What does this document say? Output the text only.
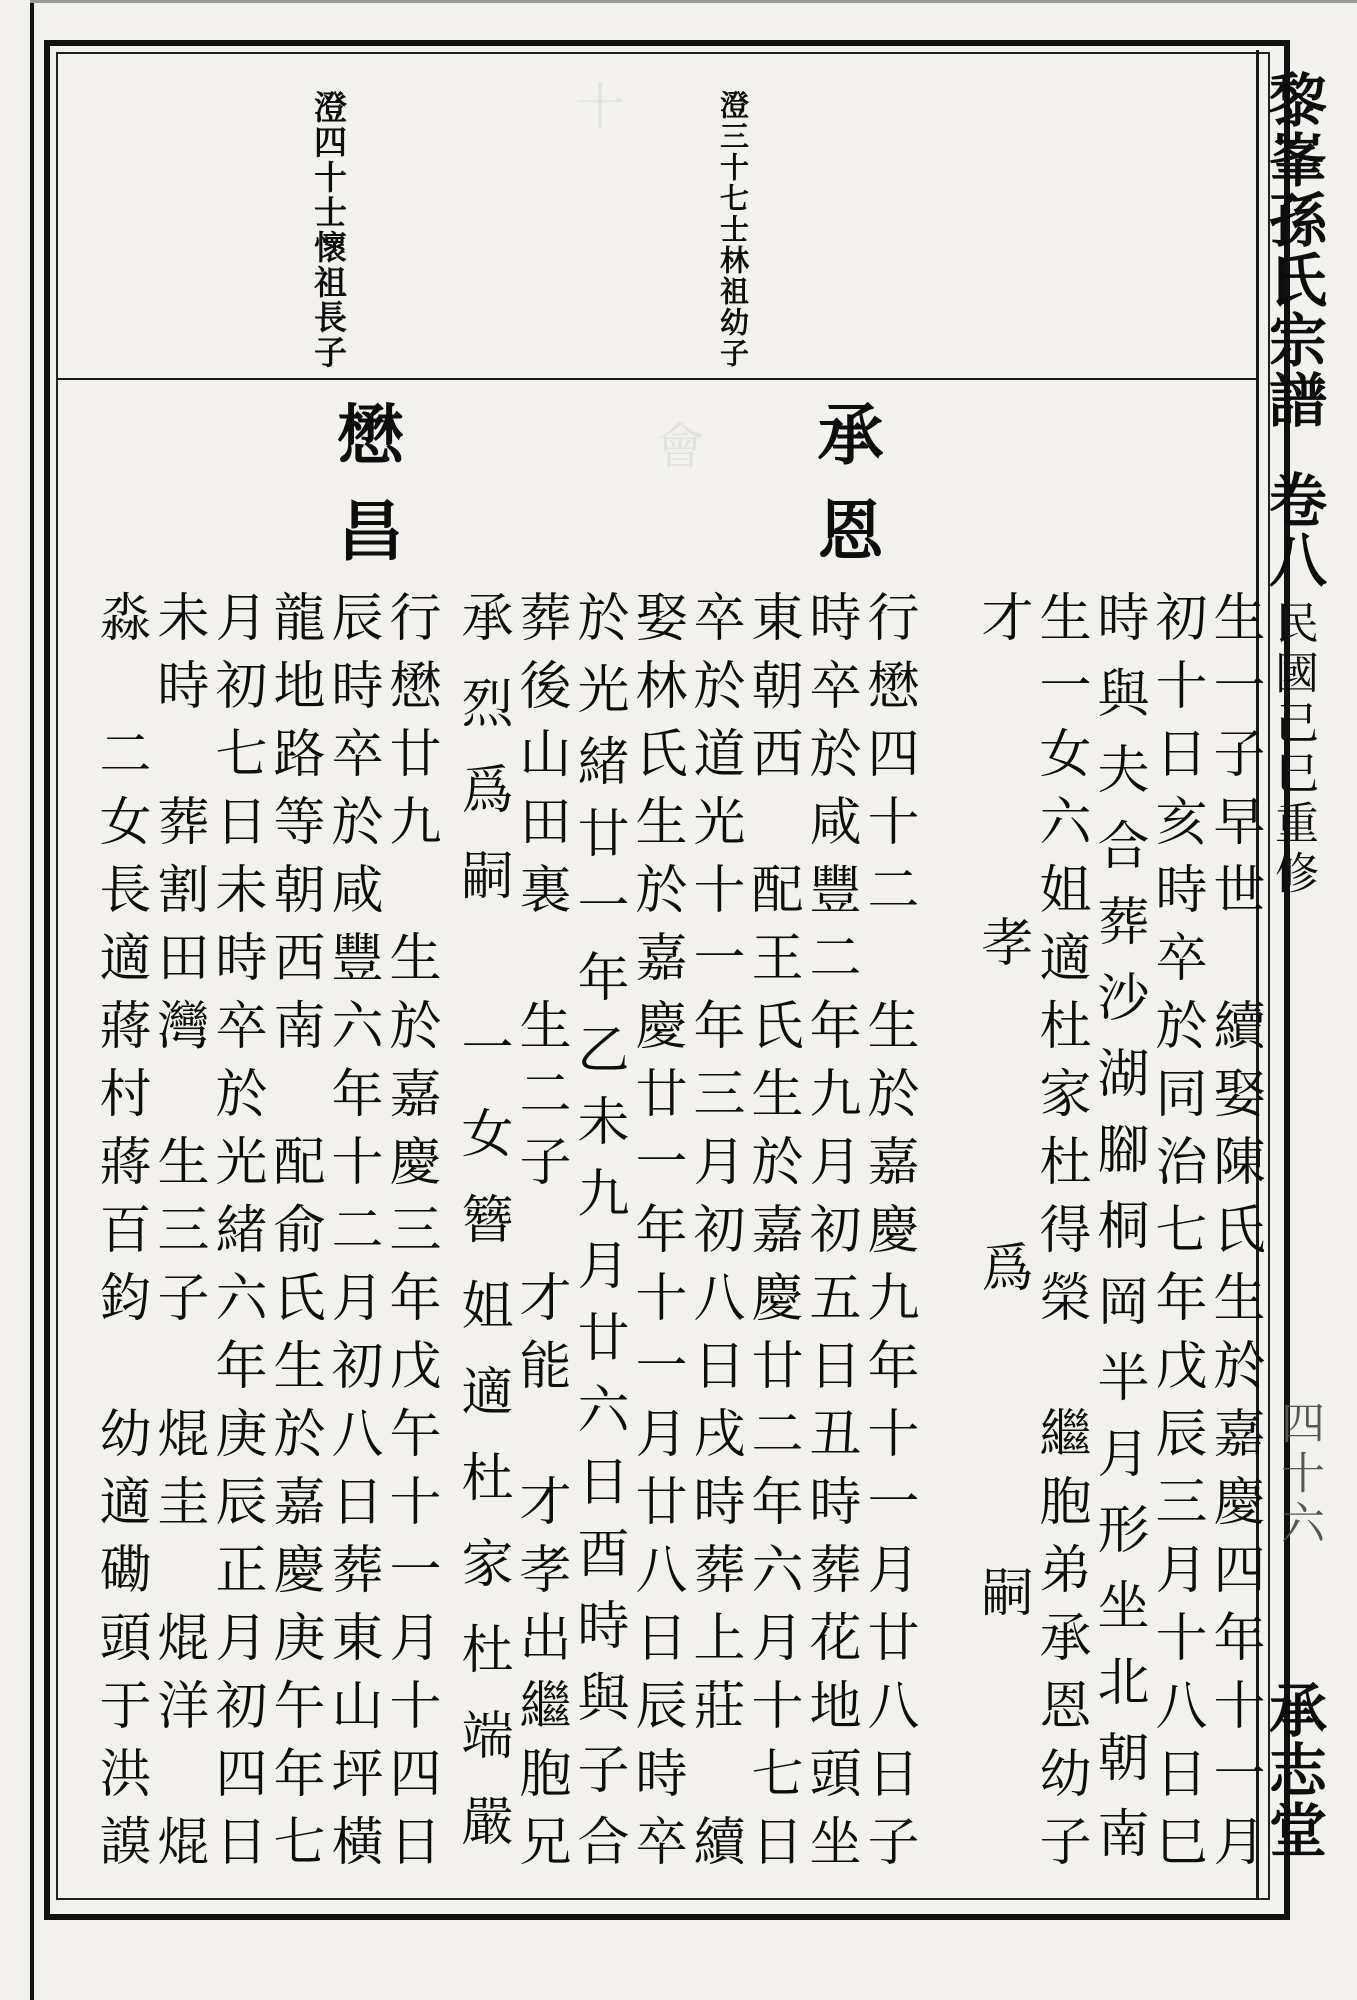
黎峯孫氏宗譜
卷八
民國己巳重修
四十六
承志堂
十
會
澄三十七士林祖幼子
澄四十士懷祖長子
承恩
懋昌
生一子早世　續娶陳氏生於嘉慶四年十一月
初十日亥時卒於同治七年戊辰三月十八日巳
時與夫合葬沙湖腳桐岡半月形坐北朝南
生一女六姐適杜家杜得榮　繼胞弟承恩幼子
才孝爲嗣
行懋四十二　生於嘉慶九年十一月廿八日子
時卒於咸豐二年九月初五日丑時葬花地頭坐
東朝西　配王氏生於嘉慶廿二年六月十七日
卒於道光十一年三月初八日戌時葬上莊　續
娶林氏生於嘉慶廿一年十一月廿八日辰時卒
於光緒廿一年乙未九月廿六日酉時與子合
葬後山田裏　生二子　才能　才孝出繼胞兄
承烈爲嗣　一女簪姐適杜家杜端嚴
行懋廿九　生於嘉慶三年戊午十一月十四日
辰時卒於咸豐六年十二月初八日葬東山坪橫
龍地路等朝西南　配俞氏生於嘉慶庚午年七
月初七日未時卒於光緒六年庚辰正月初四日
未時　葬割田灣　生三子　焜圭　焜洋　焜
淼　二女長適蔣村蔣百鈞　幼適磡頭于洪謨
